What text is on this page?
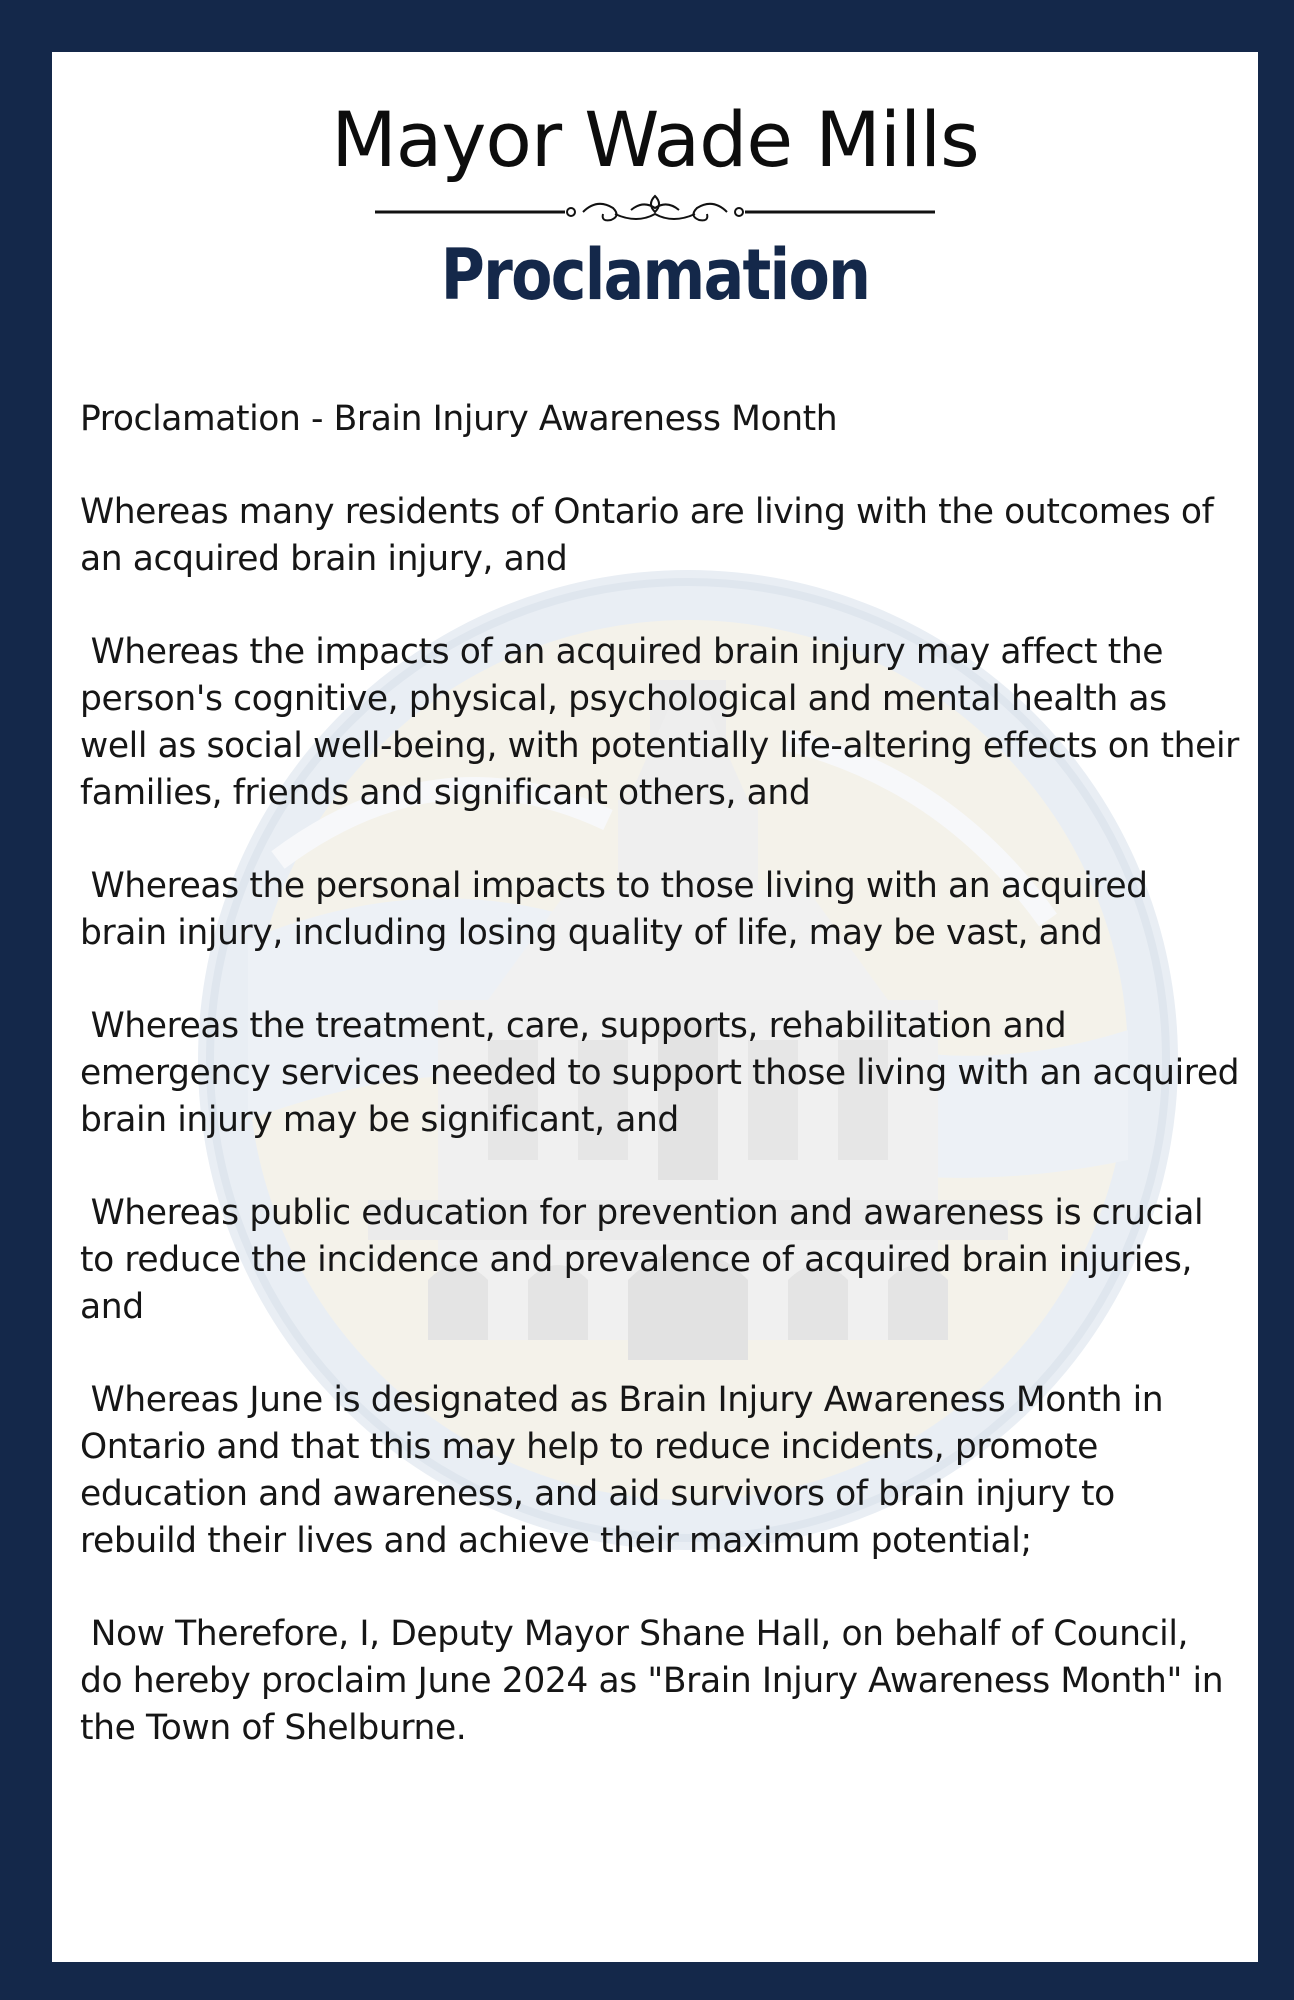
Mayor Wade Mills
Proclamation

Proclamation - Brain Injury Awareness Month

Whereas many residents of Ontario are living with the outcomes of an acquired brain injury, and

Whereas the impacts of an acquired brain injury may affect the person's cognitive, physical, psychological and mental health as well as social well-being, with potentially life-altering effects on their families, friends and significant others, and

Whereas the personal impacts to those living with an acquired brain injury, including losing quality of life, may be vast, and

Whereas the treatment, care, supports, rehabilitation and emergency services needed to support those living with an acquired brain injury may be significant, and

Whereas public education for prevention and awareness is crucial to reduce the incidence and prevalence of acquired brain injuries, and

Whereas June is designated as Brain Injury Awareness Month in Ontario and that this may help to reduce incidents, promote education and awareness, and aid survivors of brain injury to rebuild their lives and achieve their maximum potential;

Now Therefore, I, Deputy Mayor Shane Hall, on behalf of Council, do hereby proclaim June 2024 as "Brain Injury Awareness Month" in the Town of Shelburne.
